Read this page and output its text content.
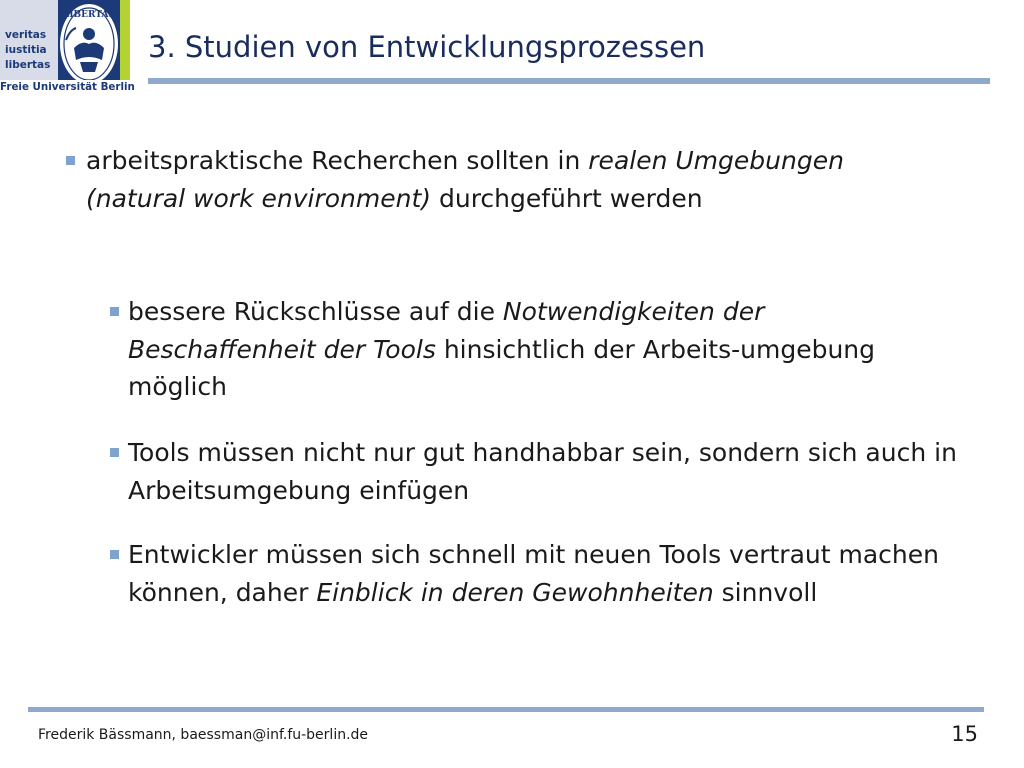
veritas
iustitia
libertas
LIBERTAS
Freie Universität Berlin
3. Studien von Entwicklungsprozessen
arbeitspraktische Recherchen sollten in realen Umgebungen (natural work environment) durchgeführt werden
bessere Rückschlüsse auf die Notwendigkeiten der Beschaffenheit der Tools hinsichtlich der Arbeits-umgebung möglich
Tools müssen nicht nur gut handhabbar sein, sondern sich auch in Arbeitsumgebung einfügen
Entwickler müssen sich schnell mit neuen Tools vertraut machen können, daher Einblick in deren Gewohnheiten sinnvoll
Frederik Bässmann, baessman@inf.fu-berlin.de	15
